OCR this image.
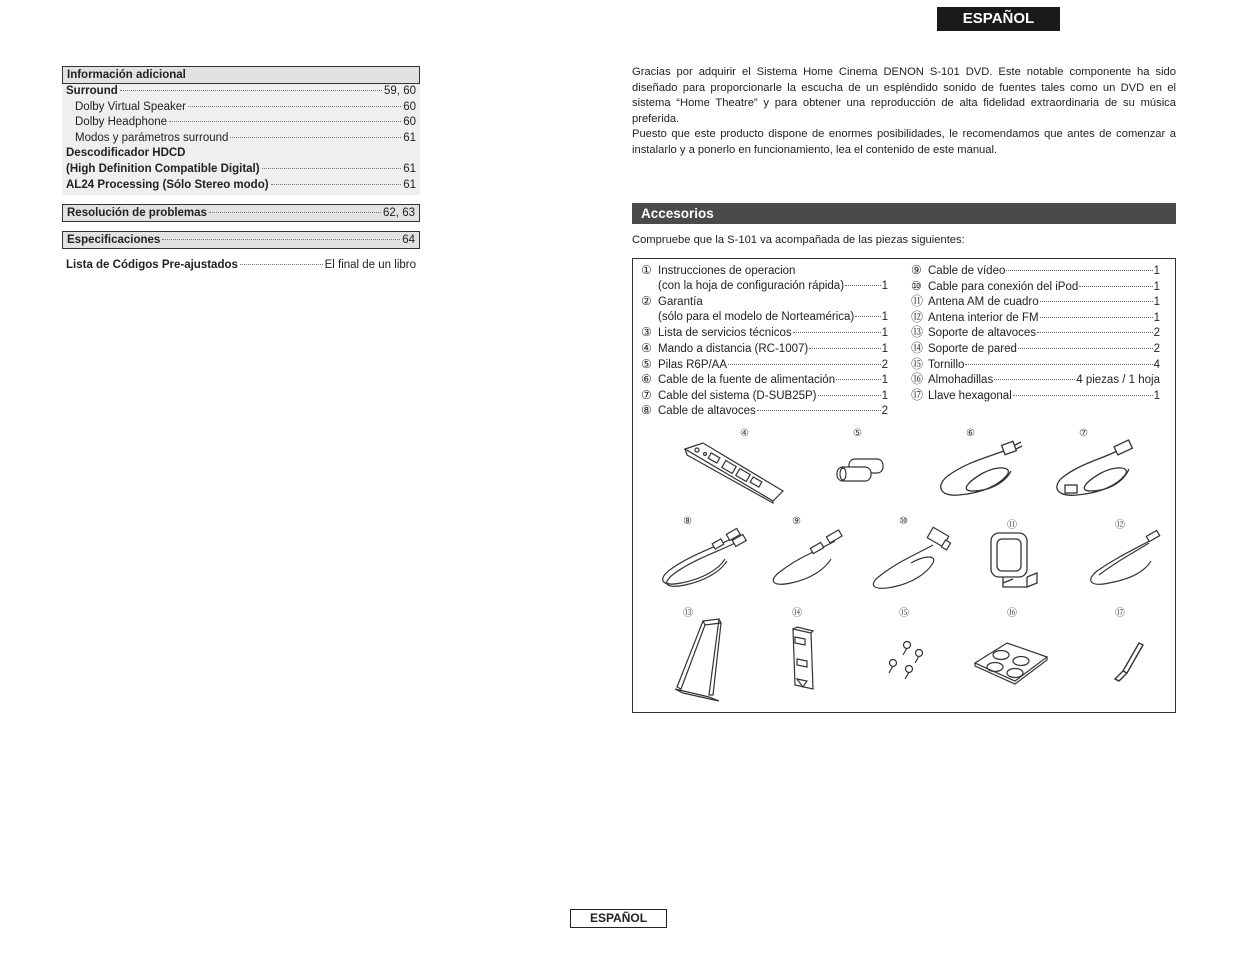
ESPAÑOL
Información adicional
Surround	59, 60
Dolby Virtual Speaker	60
Dolby Headphone	60
Modos y parámetros surround	61
Descodificador HDCD
(High Definition Compatible Digital)	61
AL24 Processing (Sólo Stereo modo)	61
Resolución de problemas	62, 63
Especificaciones	64
Lista de Códigos Pre-ajustados	El final de un libro

Gracias por adquirir el Sistema Home Cinema DENON S-101 DVD. Este notable componente ha sido diseñado para proporcionarle la escucha de un espléndido sonido de fuentes tales como un DVD en el sistema “Home Theatre” y para obtener una reproducción de alta fidelidad extraordinaria de su música preferida.

Puesto que este producto dispone de enormes posibilidades, le recomendamos que antes de comenzar a instalarlo y a ponerlo en funcionamiento, lea el contenido de este manual.

Accesorios
Compruebe que la S-101 va acompañada de las piezas siguientes:
① Instrucciones de operacion
(con la hoja de configuración rápida)	1
② Garantía
(sólo para el modelo de Norteamérica) 1
③ Lista de servicios técnicos	1
④ Mando a distancia (RC-1007)	1
⑤ Pilas R6P/AA	2
⑥ Cable de la fuente de alimentación	1
⑦ Cable del sistema (D-SUB25P)	1
⑧ Cable de altavoces	2
⑨ Cable de vídeo	1
⑩ Cable para conexión del iPod	1
⑪ Antena AM de cuadro	1
⑫ Antena interior de FM	1
⑬ Soporte de altavoces	2
⑭ Soporte de pared	2
⑮ Tornillo	4
⑯ Almohadillas	4 piezas / 1 hoja
⑰ Llave hexagonal	1
④	⑤	⑥	⑦
⑧	⑨	⑩	⑪	⑫
⑬	⑭	⑮	⑯	⑰
ESPAÑOL
